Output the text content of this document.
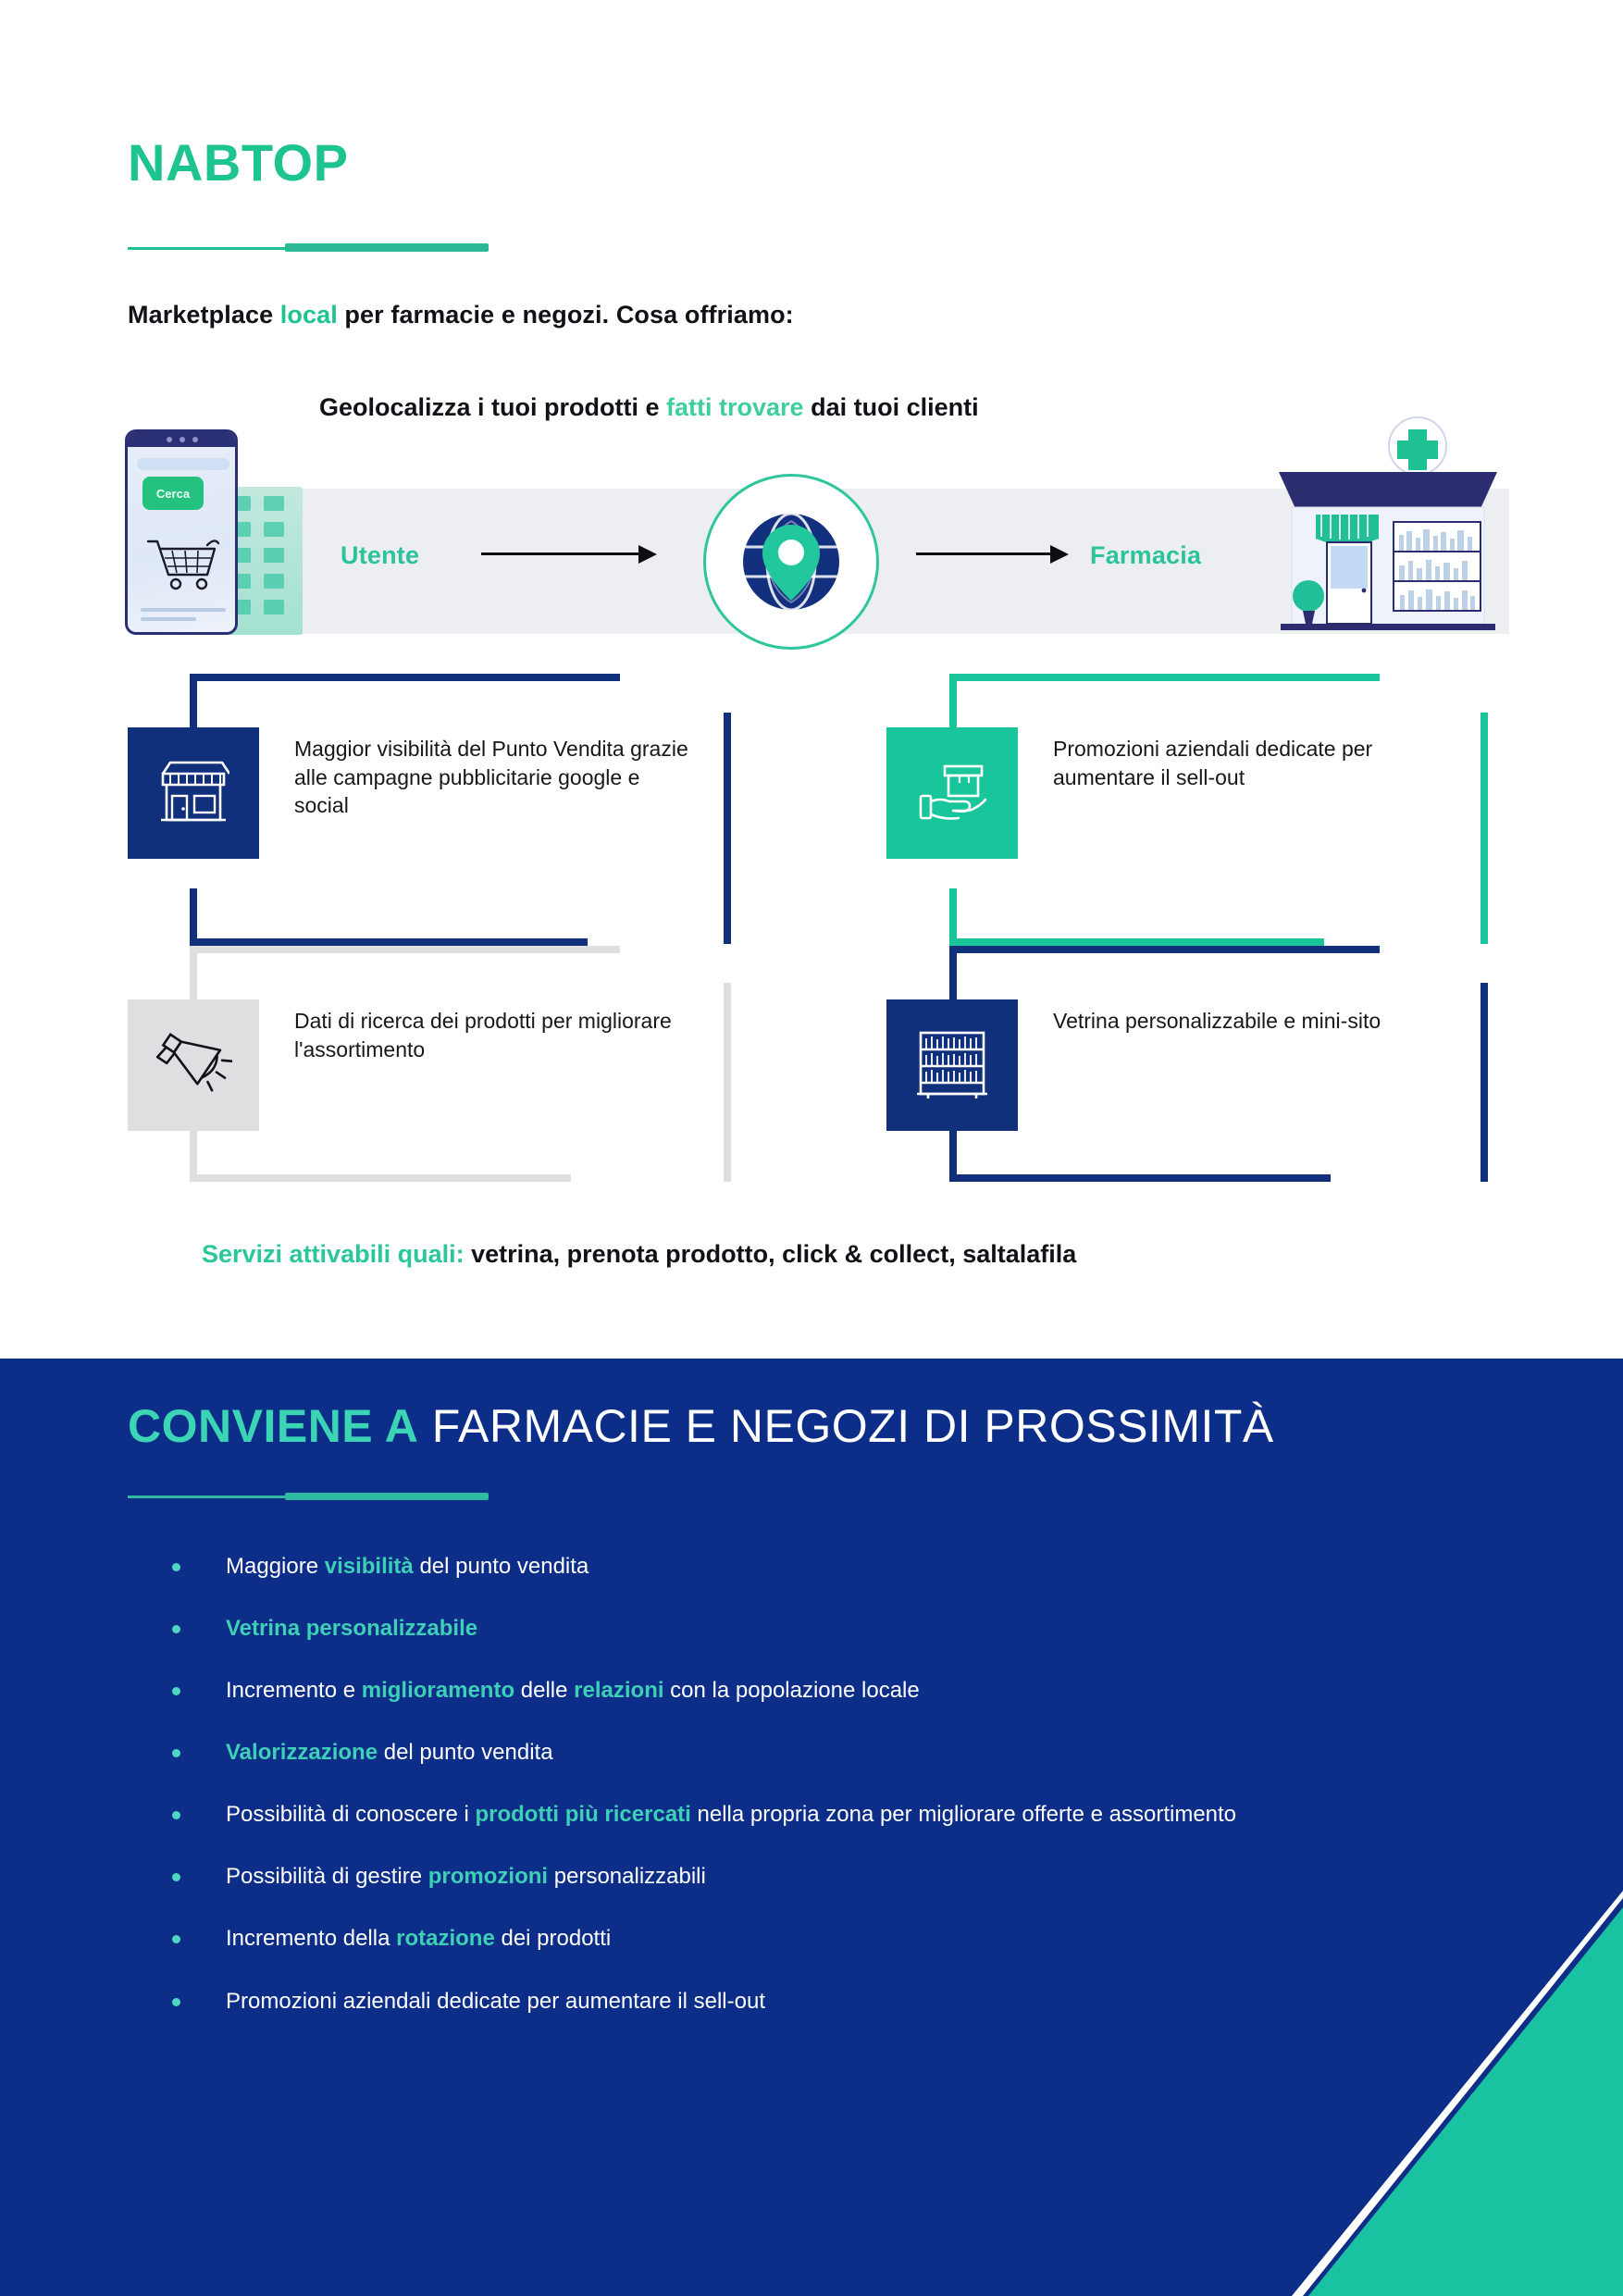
NABTOP
Marketplace local per farmacie e negozi. Cosa offriamo:
Geolocalizza i tuoi prodotti e fatti trovare dai tuoi clienti
Cerca
Utente	Farmacia
Maggior visibilità del Punto Vendita grazie alle campagne pubblicitarie google e social
Promozioni aziendali dedicate per aumentare il sell-out
Dati di ricerca dei prodotti per migliorare l'assortimento
Vetrina personalizzabile e mini-sito
Servizi attivabili quali: vetrina, prenota prodotto, click & collect, saltalafila
CONVIENE A FARMACIE E NEGOZI DI PROSSIMITÀ
Maggiore visibilità del punto vendita
Vetrina personalizzabile
Incremento e miglioramento delle relazioni con la popolazione locale
Valorizzazione del punto vendita
Possibilità di conoscere i prodotti più ricercati nella propria zona per migliorare offerte e assortimento
Possibilità di gestire promozioni personalizzabili
Incremento della rotazione dei prodotti
Promozioni aziendali dedicate per aumentare il sell-out
